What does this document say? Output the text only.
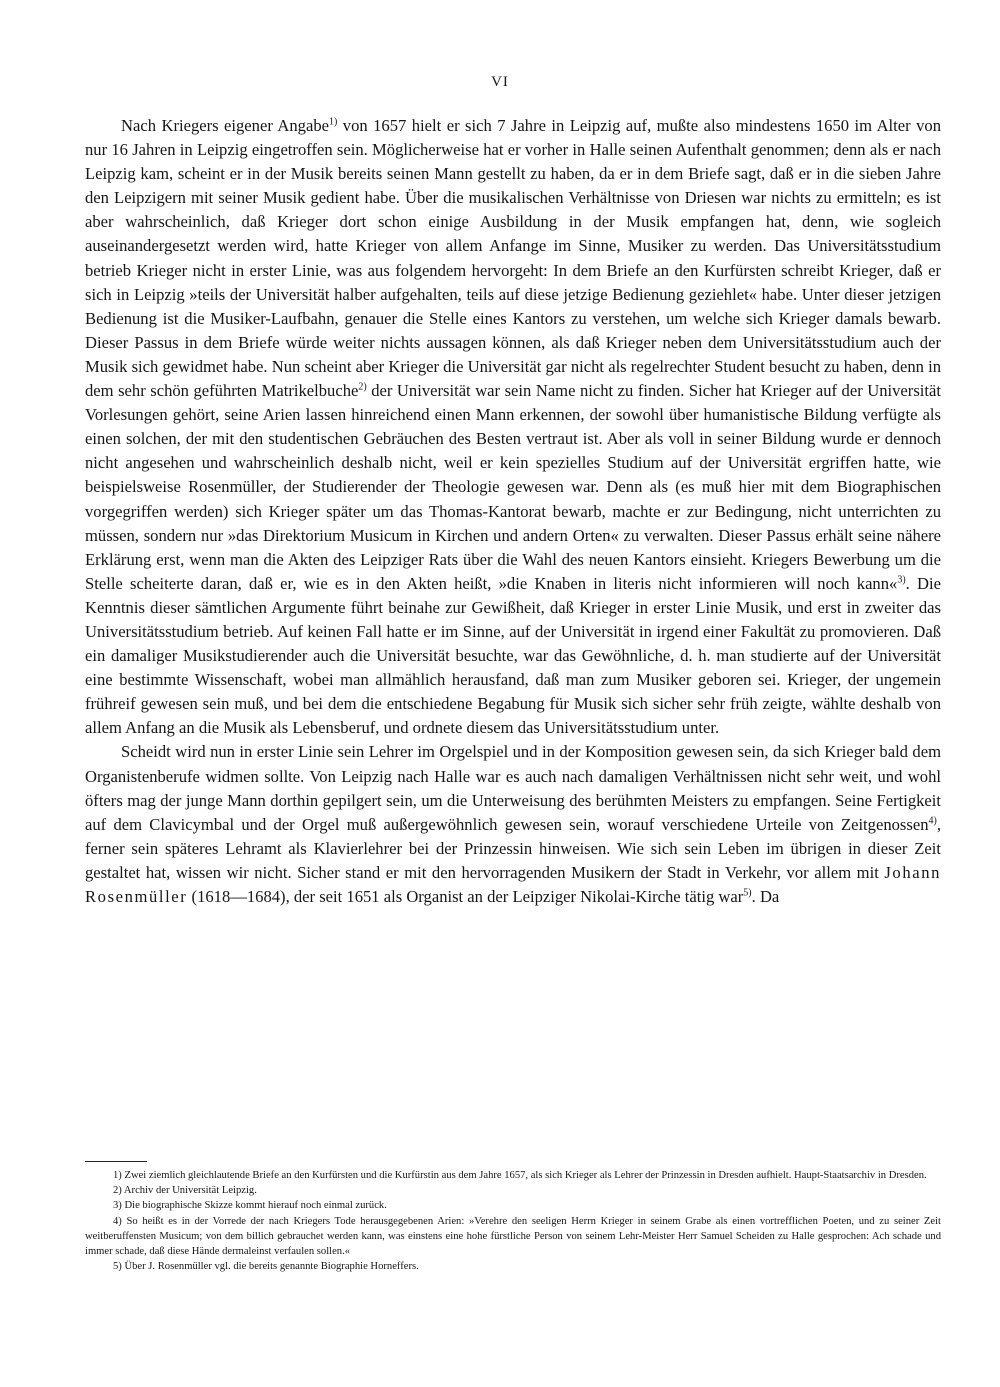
VI

Nach Kriegers eigener Angabe$^{1)}$ von 1657 hielt er sich 7 Jahre in Leipzig auf, mußte also mindestens 1650 im Alter von nur 16 Jahren in Leipzig eingetroffen sein. Möglicherweise hat er vorher in Halle seinen Aufenthalt genommen; denn als er nach Leipzig kam, scheint er in der Musik bereits seinen Mann gestellt zu haben, da er in dem Briefe sagt, daß er in die sieben Jahre den Leipzigern mit seiner Musik gedient habe. Über die musikalischen Verhältnisse von Driesen war nichts zu ermitteln; es ist aber wahrscheinlich, daß Krieger dort schon einige Ausbildung in der Musik empfangen hat, denn, wie sogleich auseinandergesetzt werden wird, hatte Krieger von allem Anfange im Sinne, Musiker zu werden. Das Universitätsstudium betrieb Krieger nicht in erster Linie, was aus folgendem hervorgeht: In dem Briefe an den Kurfürsten schreibt Krieger, daß er sich in Leipzig »teils der Universität halber aufgehalten, teils auf diese jetzige Bedienung geziehlet« habe. Unter dieser jetzigen Bedienung ist die Musiker-Laufbahn, genauer die Stelle eines Kantors zu verstehen, um welche sich Krieger damals bewarb. Dieser Passus in dem Briefe würde weiter nichts aussagen können, als daß Krieger neben dem Universitätsstudium auch der Musik sich gewidmet habe. Nun scheint aber Krieger die Universität gar nicht als regelrechter Student besucht zu haben, denn in dem sehr schön geführten Matrikelbuche$^{2)}$ der Universität war sein Name nicht zu finden. Sicher hat Krieger auf der Universität Vorlesungen gehört, seine Arien lassen hinreichend einen Mann erkennen, der sowohl über humanistische Bildung verfügte als einen solchen, der mit den studentischen Gebräuchen des Besten vertraut ist. Aber als voll in seiner Bildung wurde er dennoch nicht angesehen und wahrscheinlich deshalb nicht, weil er kein spezielles Studium auf der Universität ergriffen hatte, wie beispielsweise Rosenmüller, der Studierender der Theologie gewesen war. Denn als (es muß hier mit dem Biographischen vorgegriffen werden) sich Krieger später um das Thomas-Kantorat bewarb, machte er zur Bedingung, nicht unterrichten zu müssen, sondern nur »das Direktorium Musicum in Kirchen und andern Orten« zu verwalten. Dieser Passus erhält seine nähere Erklärung erst, wenn man die Akten des Leipziger Rats über die Wahl des neuen Kantors einsieht. Kriegers Bewerbung um die Stelle scheiterte daran, daß er, wie es in den Akten heißt, »die Knaben in literis nicht informieren will noch kann«$^{3)}$. Die Kenntnis dieser sämtlichen Argumente führt beinahe zur Gewißheit, daß Krieger in erster Linie Musik, und erst in zweiter das Universitätsstudium betrieb. Auf keinen Fall hatte er im Sinne, auf der Universität in irgend einer Fakultät zu promovieren. Daß ein damaliger Musikstudierender auch die Universität besuchte, war das Gewöhnliche, d. h. man studierte auf der Universität eine bestimmte Wissenschaft, wobei man allmählich herausfand, daß man zum Musiker geboren sei. Krieger, der ungemein frühreif gewesen sein muß, und bei dem die entschiedene Begabung für Musik sich sicher sehr früh zeigte, wählte deshalb von allem Anfang an die Musik als Lebensberuf, und ordnete diesem das Universitätsstudium unter.

Scheidt wird nun in erster Linie sein Lehrer im Orgelspiel und in der Komposition gewesen sein, da sich Krieger bald dem Organistenberufe widmen sollte. Von Leipzig nach Halle war es auch nach damaligen Verhältnissen nicht sehr weit, und wohl öfters mag der junge Mann dorthin gepilgert sein, um die Unterweisung des berühmten Meisters zu empfangen. Seine Fertigkeit auf dem Clavicymbal und der Orgel muß außergewöhnlich gewesen sein, worauf verschiedene Urteile von Zeitgenossen$^{4)}$, ferner sein späteres Lehramt als Klavierlehrer bei der Prinzessin hinweisen. Wie sich sein Leben im übrigen in dieser Zeit gestaltet hat, wissen wir nicht. Sicher stand er mit den hervorragenden Musikern der Stadt in Verkehr, vor allem mit Johann Rosenmüller (1618—1684), der seit 1651 als Organist an der Leipziger Nikolai-Kirche tätig war$^{5)}$. Da

1) Zwei ziemlich gleichlautende Briefe an den Kurfürsten und die Kurfürstin aus dem Jahre 1657, als sich Krieger als Lehrer der Prinzessin in Dresden aufhielt. Haupt-Staatsarchiv in Dresden.

2) Archiv der Universität Leipzig.

3) Die biographische Skizze kommt hierauf noch einmal zurück.

4) So heißt es in der Vorrede der nach Kriegers Tode herausgegebenen Arien: »Verehre den seeligen Herrn Krieger in seinem Grabe als einen vortrefflichen Poeten, und zu seiner Zeit weitberuffensten Musicum; von dem billich gebrauchet werden kann, was einstens eine hohe fürstliche Person von seinem Lehr-Meister Herr Samuel Scheiden zu Halle gesprochen: Ach schade und immer schade, daß diese Hände dermaleinst verfaulen sollen.«

5) Über J. Rosenmüller vgl. die bereits genannte Biographie Horneffers.
